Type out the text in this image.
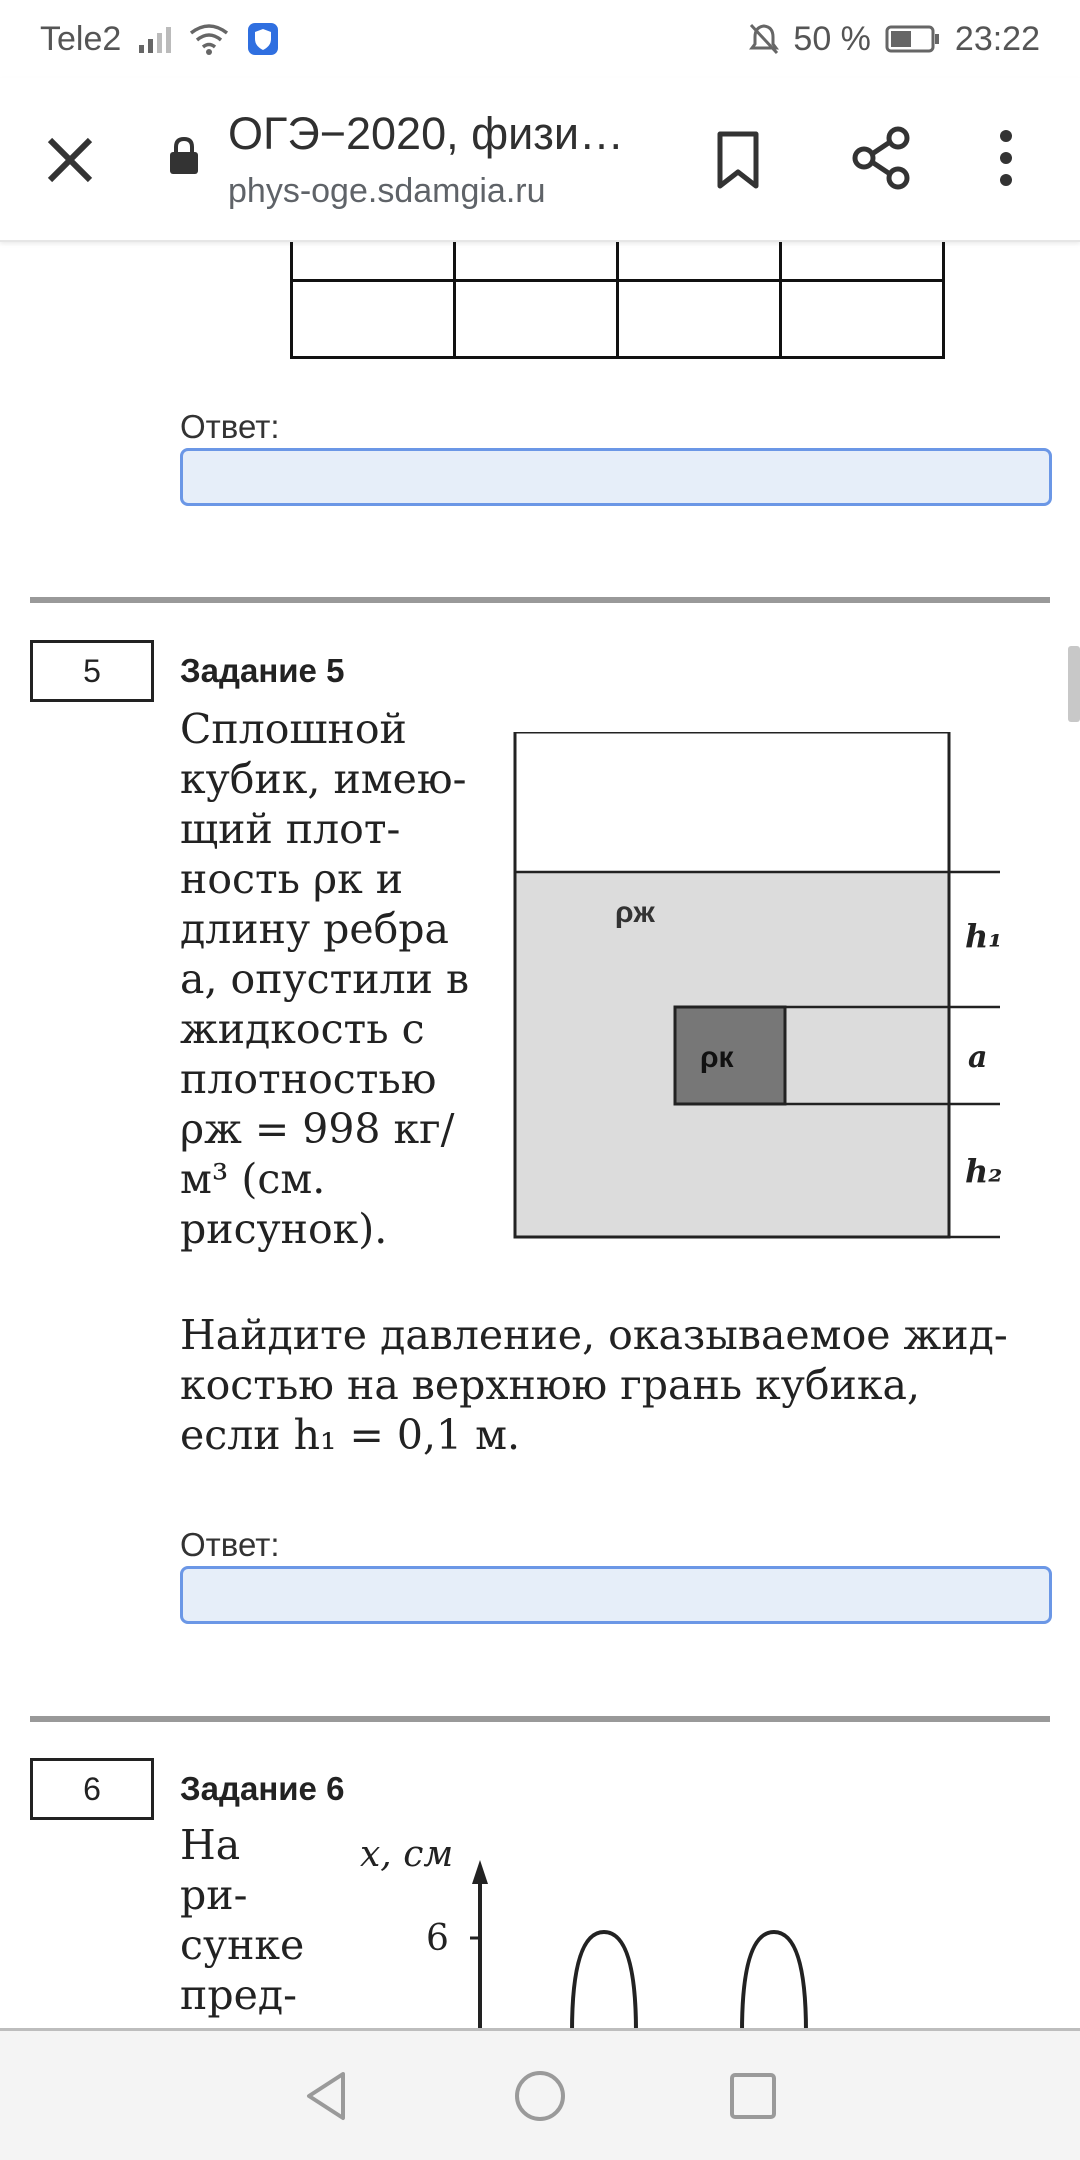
Tele2	50 % 23:22
ОГЭ−2020, физи…
phys-oge.sdamgia.ru

Ответ:
5	Задание 5
Сплошной
кубик, имею-
щий плот-
ность ρк и
длину ребра
a, опустили в
жидкость с
плотностью
ρж = 998 кг/
м³ (см.
рисунок).
ρж
ρк
h₁
a
h₂
Найдите давление, оказываемое жид-
костью на верхнюю грань кубика,
если h₁ = 0,1 м.
Ответ:
6	Задание 6
На
ри-
сунке
пред-
x, см
6
